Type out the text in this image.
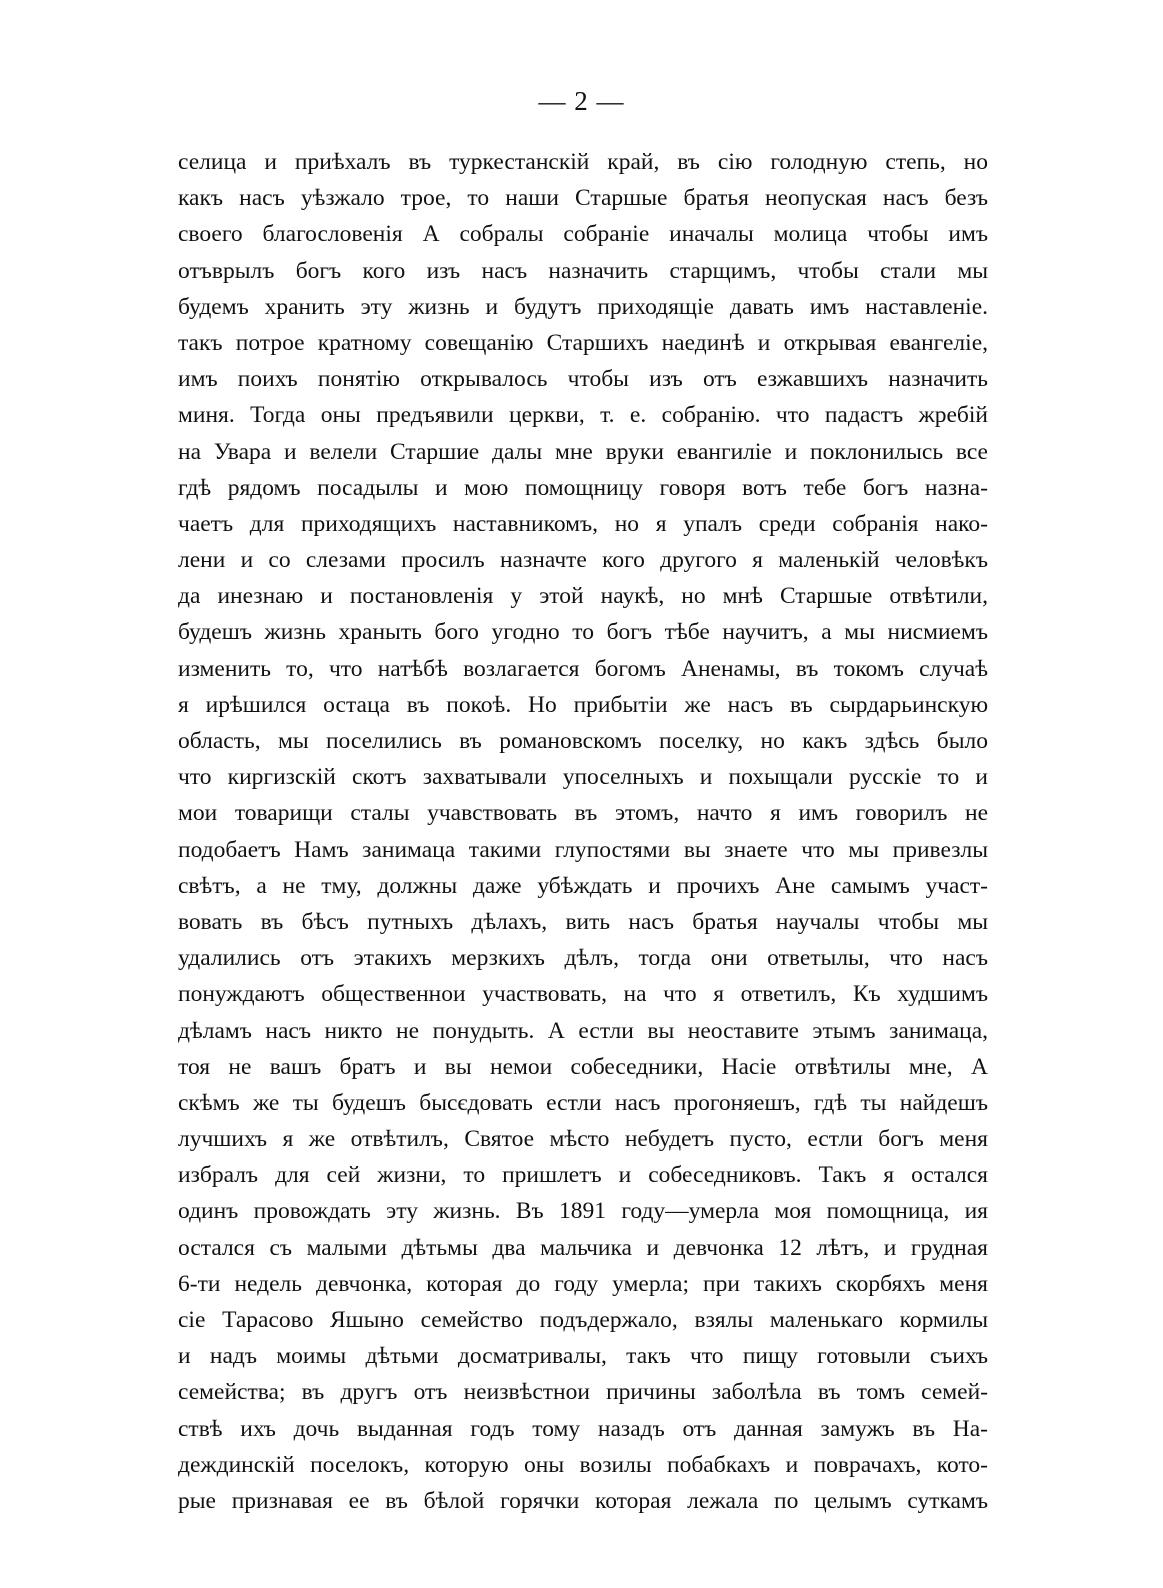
— 2 —
селица и приѣхалъ въ туркестанскій край, въ сію голодную степь, но
какъ насъ уѣзжало трое, то наши Старшые братья неопуская насъ безъ
своего благословенія А собралы собраніе иначалы молица чтобы имъ
отъврылъ богъ кого изъ насъ назначить старщимъ, чтобы стали мы
будемъ хранить эту жизнь и будутъ приходящіе давать имъ наставленіе.
такъ потрое кратному совещанію Старшихъ наединѣ и открывая евангеліе,
имъ поихъ понятію открывалось чтобы изъ отъ езжавшихъ назначить
миня. Тогда оны предъявили церкви, т. е. собранію. что падастъ жребій
на Увара и велели Старшие далы мне вруки евангиліе и поклонилысь все
гдѣ рядомъ посадылы и мою помощницу говоря вотъ тебе богъ назна-
чаетъ для приходящихъ наставникомъ, но я упалъ среди собранія нако-
лени и со слезами просилъ назначте кого другого я маленькій человѣкъ
да инезнаю и постановленія у этой наукѣ, но мнѣ Старшые отвѣтили,
будешъ жизнь храныть бого угодно то богъ тѣбе научитъ, а мы нисмиемъ
изменить то, что натѣбѣ возлагается богомъ Аненамы, въ токомъ случаѣ
я ирѣшился остаца въ покоѣ. Но прибытіи же насъ въ сырдарьинскую
область, мы поселились въ романовскомъ поселку, но какъ здѣсь было
что киргизскій скотъ захватывали упоселныхъ и похыщали русскіе то и
мои товарищи сталы учавствовать въ этомъ, начто я имъ говорилъ не
подобаетъ Намъ занимаца такими глупостями вы знаете что мы привезлы
свѣтъ, а не тму, должны даже убѣждать и прочихъ Ане самымъ участ-
вовать въ бѣсъ путныхъ дѣлахъ, вить насъ братья научалы чтобы мы
удалились отъ этакихъ мерзкихъ дѣлъ, тогда они ответылы, что насъ
понуждаютъ общественнои участвовать, на что я ответилъ, Къ худшимъ
дѣламъ насъ никто не понудыть. А естли вы неоставите этымъ занимаца,
тоя не вашъ братъ и вы немои собеседники, Насіе отвѣтилы мне, А
скѣмъ же ты будешъ бысєдовать естли насъ прогоняешъ, гдѣ ты найдешъ
лучшихъ я же отвѣтилъ, Святое мѣсто небудетъ пусто, естли богъ меня
избралъ для сей жизни, то пришлетъ и собеседниковъ. Такъ я остался
одинъ провождать эту жизнь. Въ 1891 году—умерла моя помощница, ия
остался съ малыми дѣтьмы два мальчика и девчонка 12 лѣтъ, и грудная
6-ти недель девчонка, которая до году умерла; при такихъ скорбяхъ меня
сіе Тарасово Яшыно семейство подъдержало, взялы маленькаго кормилы
и надъ моимы дѣтьми досматривалы, такъ что пищу готовыли съихъ
семейства; въ другъ отъ неизвѣстнои причины заболѣла въ томъ семей-
ствѣ ихъ дочь выданная годъ тому назадъ отъ данная замужъ въ На-
деждинскій поселокъ, которую оны возилы побабкахъ и поврачахъ, кото-
рые признавая ее въ бѣлой горячки которая лежала по целымъ суткамъ
